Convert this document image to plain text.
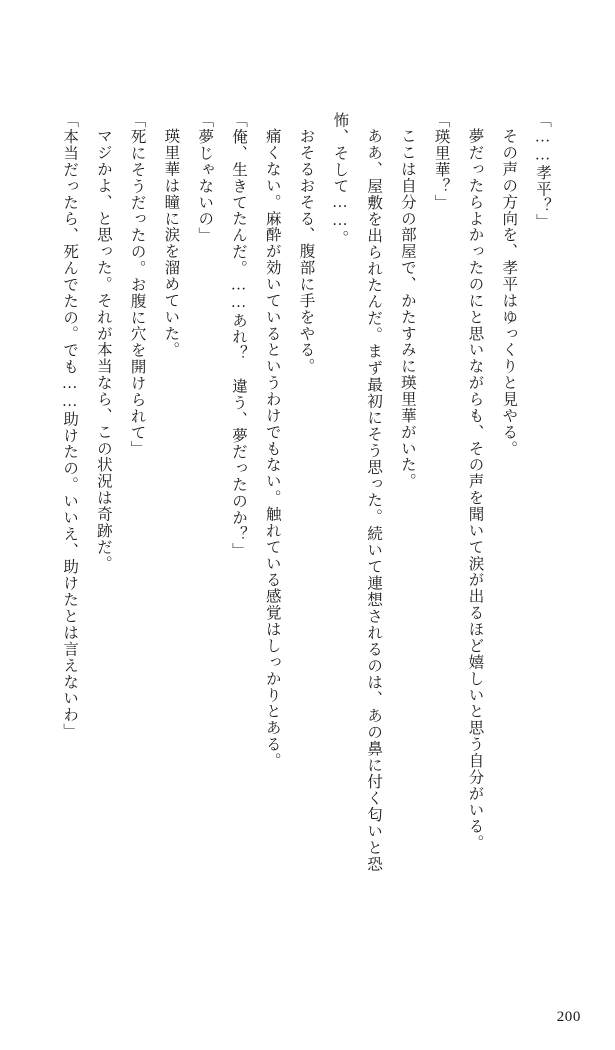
「……孝平？」

その声の方向を、孝平はゆっくりと見やる。

夢だったらよかったのにと思いながらも、その声を聞いて涙が出るほど嬉しいと思う自分がいる。

「瑛里華？」

ここは自分の部屋で、かたすみに瑛里華がいた。

ああ、屋敷を出られたんだ。まず最初にそう思った。続いて連想されるのは、あの鼻に付く匂いと恐怖、そして……。

おそるおそる、腹部に手をやる。

痛くない。麻酔が効いているというわけでもない。触れている感覚はしっかりとある。

「俺、生きてたんだ。……あれ？　違う、夢だったのか？」

「夢じゃないの」

瑛里華は瞳に涙を溜めていた。

「死にそうだったの。お腹に穴を開けられて」

マジかよ、と思った。それが本当なら、この状況は奇跡だ。

「本当だったら、死んでたの。でも……助けたの。いいえ、助けたとは言えないわ」

200
